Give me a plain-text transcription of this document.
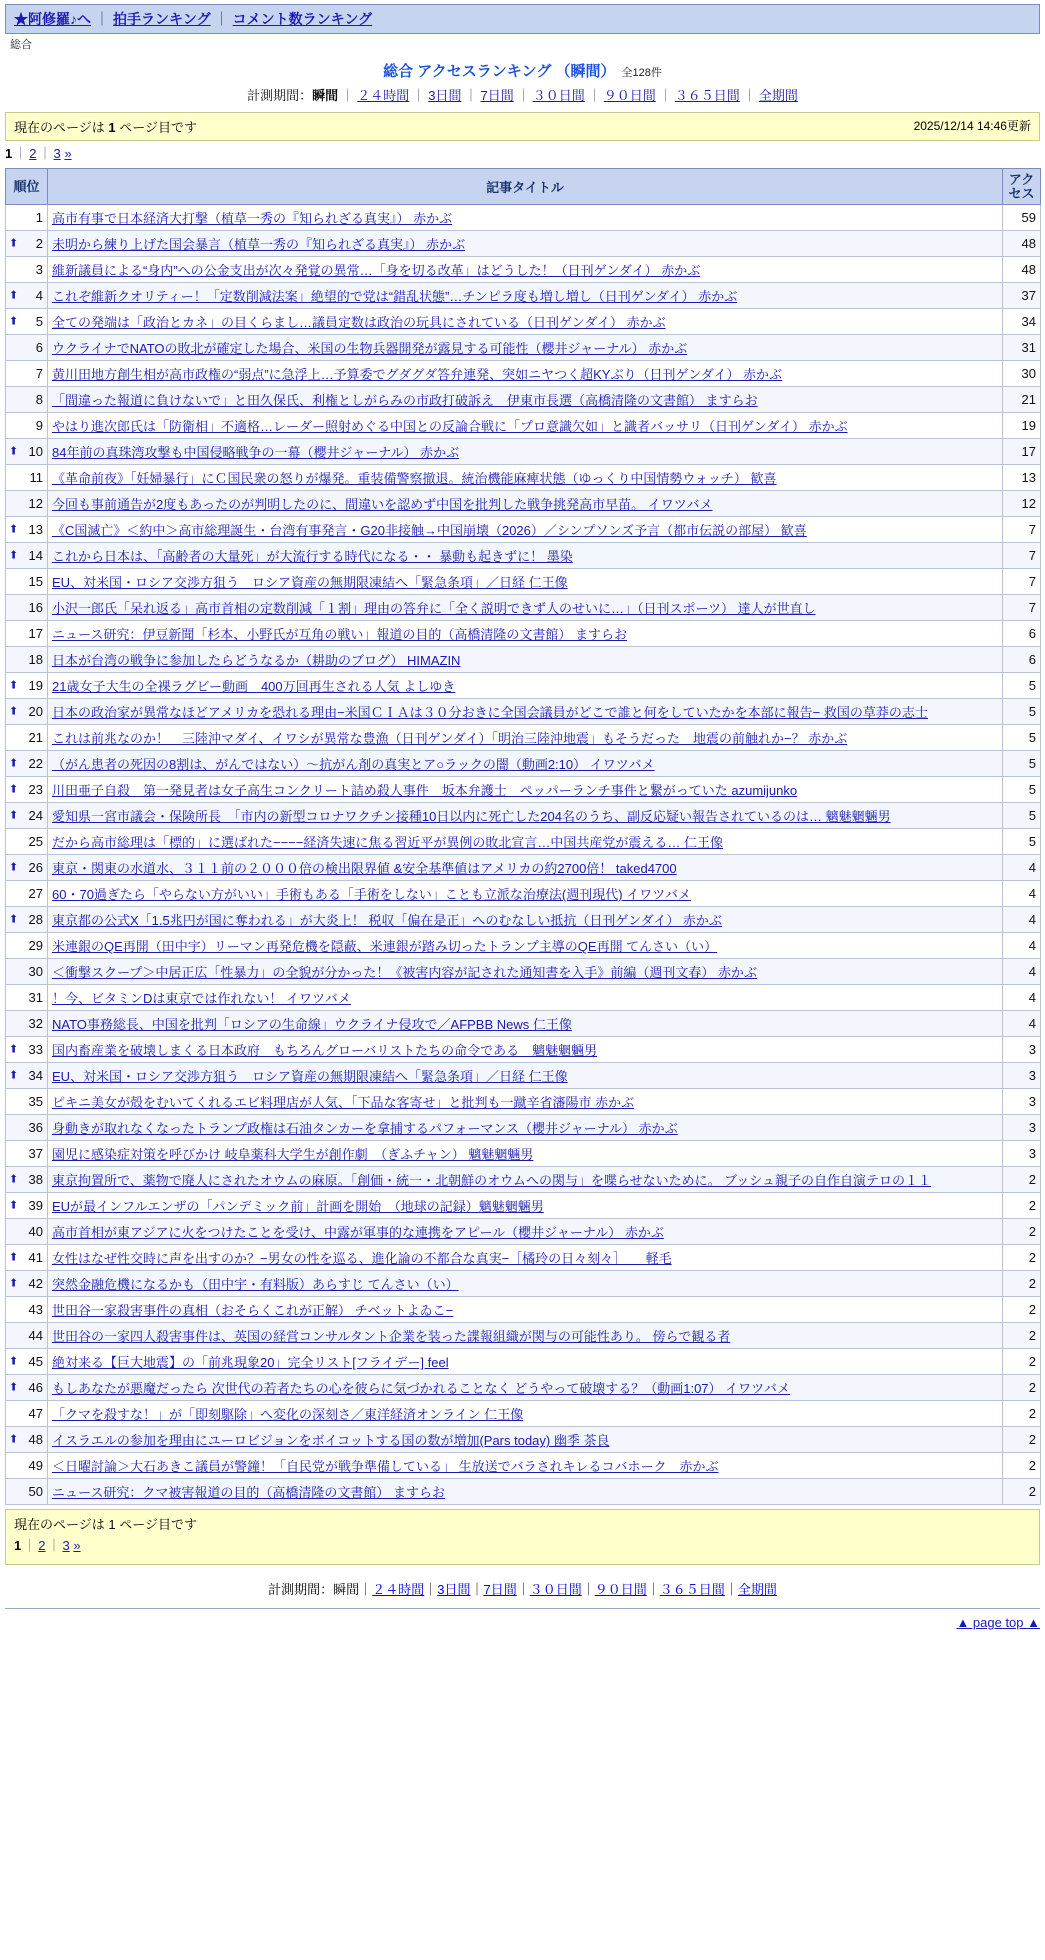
★阿修羅♪へ ｜ 拍手ランキング ｜ コメント数ランキング
総合
総合 アクセスランキング （瞬間） 全128件
計測期間：瞬間 ｜ ２４時間 ｜ 3日間 ｜ 7日間 ｜ ３０日間 ｜ ９０日間 ｜ ３６５日間 ｜ 全期間
現在のページは 1 ページ目です	2025/12/14 14:46更新
1 ｜ 2 ｜ 3 »
順位	記事タイトル	アクセス
1	高市有事で日本経済大打撃（植草一秀の『知られざる真実』） 赤かぶ	59

⬆ 2	未明から練り上げた国会暴言（植草一秀の『知られざる真実』） 赤かぶ	48
3	維新議員による“身内”への公金支出が次々発覚の異常…「身を切る改革」はどうした！（日刊ゲンダイ） 赤かぶ	48

⬆ 4	これぞ維新クオリティー！「定数削減法案」絶望的で党は“錯乱状態”…チンピラ度も増し増し（日刊ゲンダイ） 赤かぶ	37

⬆ 5	全ての発端は「政治とカネ」の目くらまし…議員定数は政治の玩具にされている（日刊ゲンダイ） 赤かぶ	34
6	ウクライナでNATOの敗北が確定した場合、米国の生物兵器開発が露見する可能性（櫻井ジャーナル） 赤かぶ	31
7	黄川田地方創生相が高市政権の“弱点”に急浮上…予算委でグダグダ答弁連発、突如ニヤつく超KYぶり（日刊ゲンダイ） 赤かぶ	30
8	「間違った報道に負けないで」と田久保氏、利権としがらみの市政打破訴え　伊東市長選（高橋清隆の文書館） ますらお	21
9	やはり進次郎氏は「防衛相」不適格…レーダー照射めぐる中国との反論合戦に「プロ意識欠如」と識者バッサリ（日刊ゲンダイ） 赤かぶ	19

⬆ 10	84年前の真珠湾攻撃も中国侵略戦争の一幕（櫻井ジャーナル） 赤かぶ	17
11	《革命前夜》「妊婦暴行」にＣ国民衆の怒りが爆発。重装備警察撤退。統治機能麻痺状態（ゆっくり中国情勢ウォッチ） 歓喜	13
12	今回も事前通告が2度もあったのが判明したのに、間違いを認めず中国を批判した戦争挑発高市早苗。 イワツバメ	12

⬆ 13	《C国滅亡》＜約中＞高市総理誕生・台湾有事発言・G20非接触→中国崩壊（2026）／シンプソンズ予言（都市伝説の部屋） 歓喜	7

⬆ 14	これから日本は、「高齢者の大量死」が大流行する時代になる・・ 暴動も起きずに！ 墨染	7
15	EU、対米国・ロシア交渉方狙う　ロシア資産の無期限凍結へ「緊急条項」／日経 仁王像	7
16	小沢一郎氏「呆れ返る」高市首相の定数削減「１割」理由の答弁に「全く説明できず人のせいに…」（日刊スポーツ） 達人が世直し	7
17	ニュース研究：伊豆新聞「杉本、小野氏が互角の戦い」報道の目的（高橋清隆の文書館） ますらお	6
18	日本が台湾の戦争に参加したらどうなるか（耕助のブログ） HIMAZIN	6

⬆ 19	21歳女子大生の全裸ラグビー動画　400万回再生される人気 よしゆき	5

⬆ 20	日本の政治家が異常なほどアメリカを恐れる理由−米国ＣＩＡは３０分おきに全国会議員がどこで誰と何をしていたかを本部に報告− 救国の草莽の志士	5
21	これは前兆なのか！　三陸沖マダイ、イワシが異常な豊漁（日刊ゲンダイ）「明治三陸沖地震」もそうだった　地震の前触れか−？ 赤かぶ	5

⬆ 22	（がん患者の死因の8割は、がんではない）〜抗がん剤の真実とア○ラックの闇（動画2:10） イワツバメ	5

⬆ 23	川田亜子自殺　第一発見者は女子高生コンクリート詰め殺人事件　坂本弁護士　ペッパーランチ事件と繋がっていた azumijunko	5

⬆ 24	愛知県一宮市議会・保険所長　「市内の新型コロナワクチン接種10日以内に死亡した204名のうち、副反応疑い報告されているのは… 魑魅魍魎男	5
25	だから高市総理は「標的」に選ばれた−−−−経済失速に焦る習近平が異例の敗北宣言…中国共産党が震える… 仁王像	5

⬆ 26	東京・関東の水道水、３１１前の２０００倍の検出限界値 &安全基準値はアメリカの約2700倍！ taked4700	4
27	60・70過ぎたら「やらない方がいい」手術もある「手術をしない」ことも立派な治療法(週刊現代) イワツバメ	4

⬆ 28	東京都の公式X「1.5兆円が国に奪われる」が大炎上！ 税収「偏在是正」へのむなしい抵抗（日刊ゲンダイ） 赤かぶ	4
29	米連銀のQE再開（田中宇）リーマン再発危機を隠蔽、米連銀が踏み切ったトランプ主導のQE再開 てんさい（い）	4
30	＜衝撃スクープ＞中居正広「性暴力」の全貌が分かった！《被害内容が記された通知書を入手》前編（週刊文春） 赤かぶ	4
31	！今、ビタミンDは東京では作れない！ イワツバメ	4
32	NATO事務総長、中国を批判「ロシアの生命線」ウクライナ侵攻で／AFPBB News 仁王像	4

⬆ 33	国内畜産業を破壊しまくる日本政府　もちろんグローバリストたちの命令である　魑魅魍魎男	3

⬆ 34	EU、対米国・ロシア交渉方狙う　ロシア資産の無期限凍結へ「緊急条項」／日経 仁王像	3
35	ピキニ美女が殻をむいてくれるエビ料理店が人気、「下品な客寄せ」と批判も一蹴辛省瀋陽市 赤かぶ	3
36	身動きが取れなくなったトランプ政権は石油タンカーを拿捕するパフォーマンス（櫻井ジャーナル） 赤かぶ	3
37	園児に感染症対策を呼びかけ 岐阜薬科大学生が創作劇　（ぎふチャン） 魑魅魍魎男	3

⬆ 38	東京拘置所で、薬物で廃人にされたオウムの麻原。「創価・統一・北朝鮮のオウムへの関与」を喋らせないために。 ブッシュ親子の自作自演テロの１１	2

⬆ 39	EUが最インフルエンザの「パンデミック前」計画を開始　（地球の記録）魑魅魍魎男	2
40	高市首相が東アジアに火をつけたことを受け、中露が軍事的な連携をアピール（櫻井ジャーナル） 赤かぶ	2

⬆ 41	女性はなぜ性交時に声を出すのか？−男女の性を巡る、進化論の不都合な真実−［橘玲の日々刻々］　　軽毛	2

⬆ 42	突然金融危機になるかも（田中宇・有料版）あらすじ てんさい（い）	2
43	世田谷一家殺害事件の真相（おそらくこれが正解） チベットよゐこ−	2
44	世田谷の一家四人殺害事件は、英国の経営コンサルタント企業を装った諜報組織が関与の可能性あり。 傍らで観る者	2

⬆ 45	絶対来る【巨大地震】の「前兆現象20」完全リスト[フライデー] feel	2

⬆ 46	もしあなたが悪魔だったら 次世代の若者たちの心を彼らに気づかれることなく どうやって破壊する？（動画1:07） イワツバメ	2
47	「クマを殺すな！」が「即刻駆除」へ変化の深刻さ／東洋経済オンライン 仁王像	2

⬆ 48	イスラエルの参加を理由にユーロビジョンをボイコットする国の数が増加(Pars today) 幽季 茶良	2
49	＜日曜討論＞大石あきこ議員が警鐘！「自民党が戦争準備している」 生放送でバラされキレるコバホーク　赤かぶ	2
50	ニュース研究：クマ被害報道の目的（高橋清隆の文書館） ますらお	2
現在のページは 1 ページ目です
1 ｜ 2 ｜ 3 »
計測期間：瞬間｜２４時間｜3日間｜7日間｜３０日間｜９０日間｜３６５日間｜全期間
▲ page top ▲
